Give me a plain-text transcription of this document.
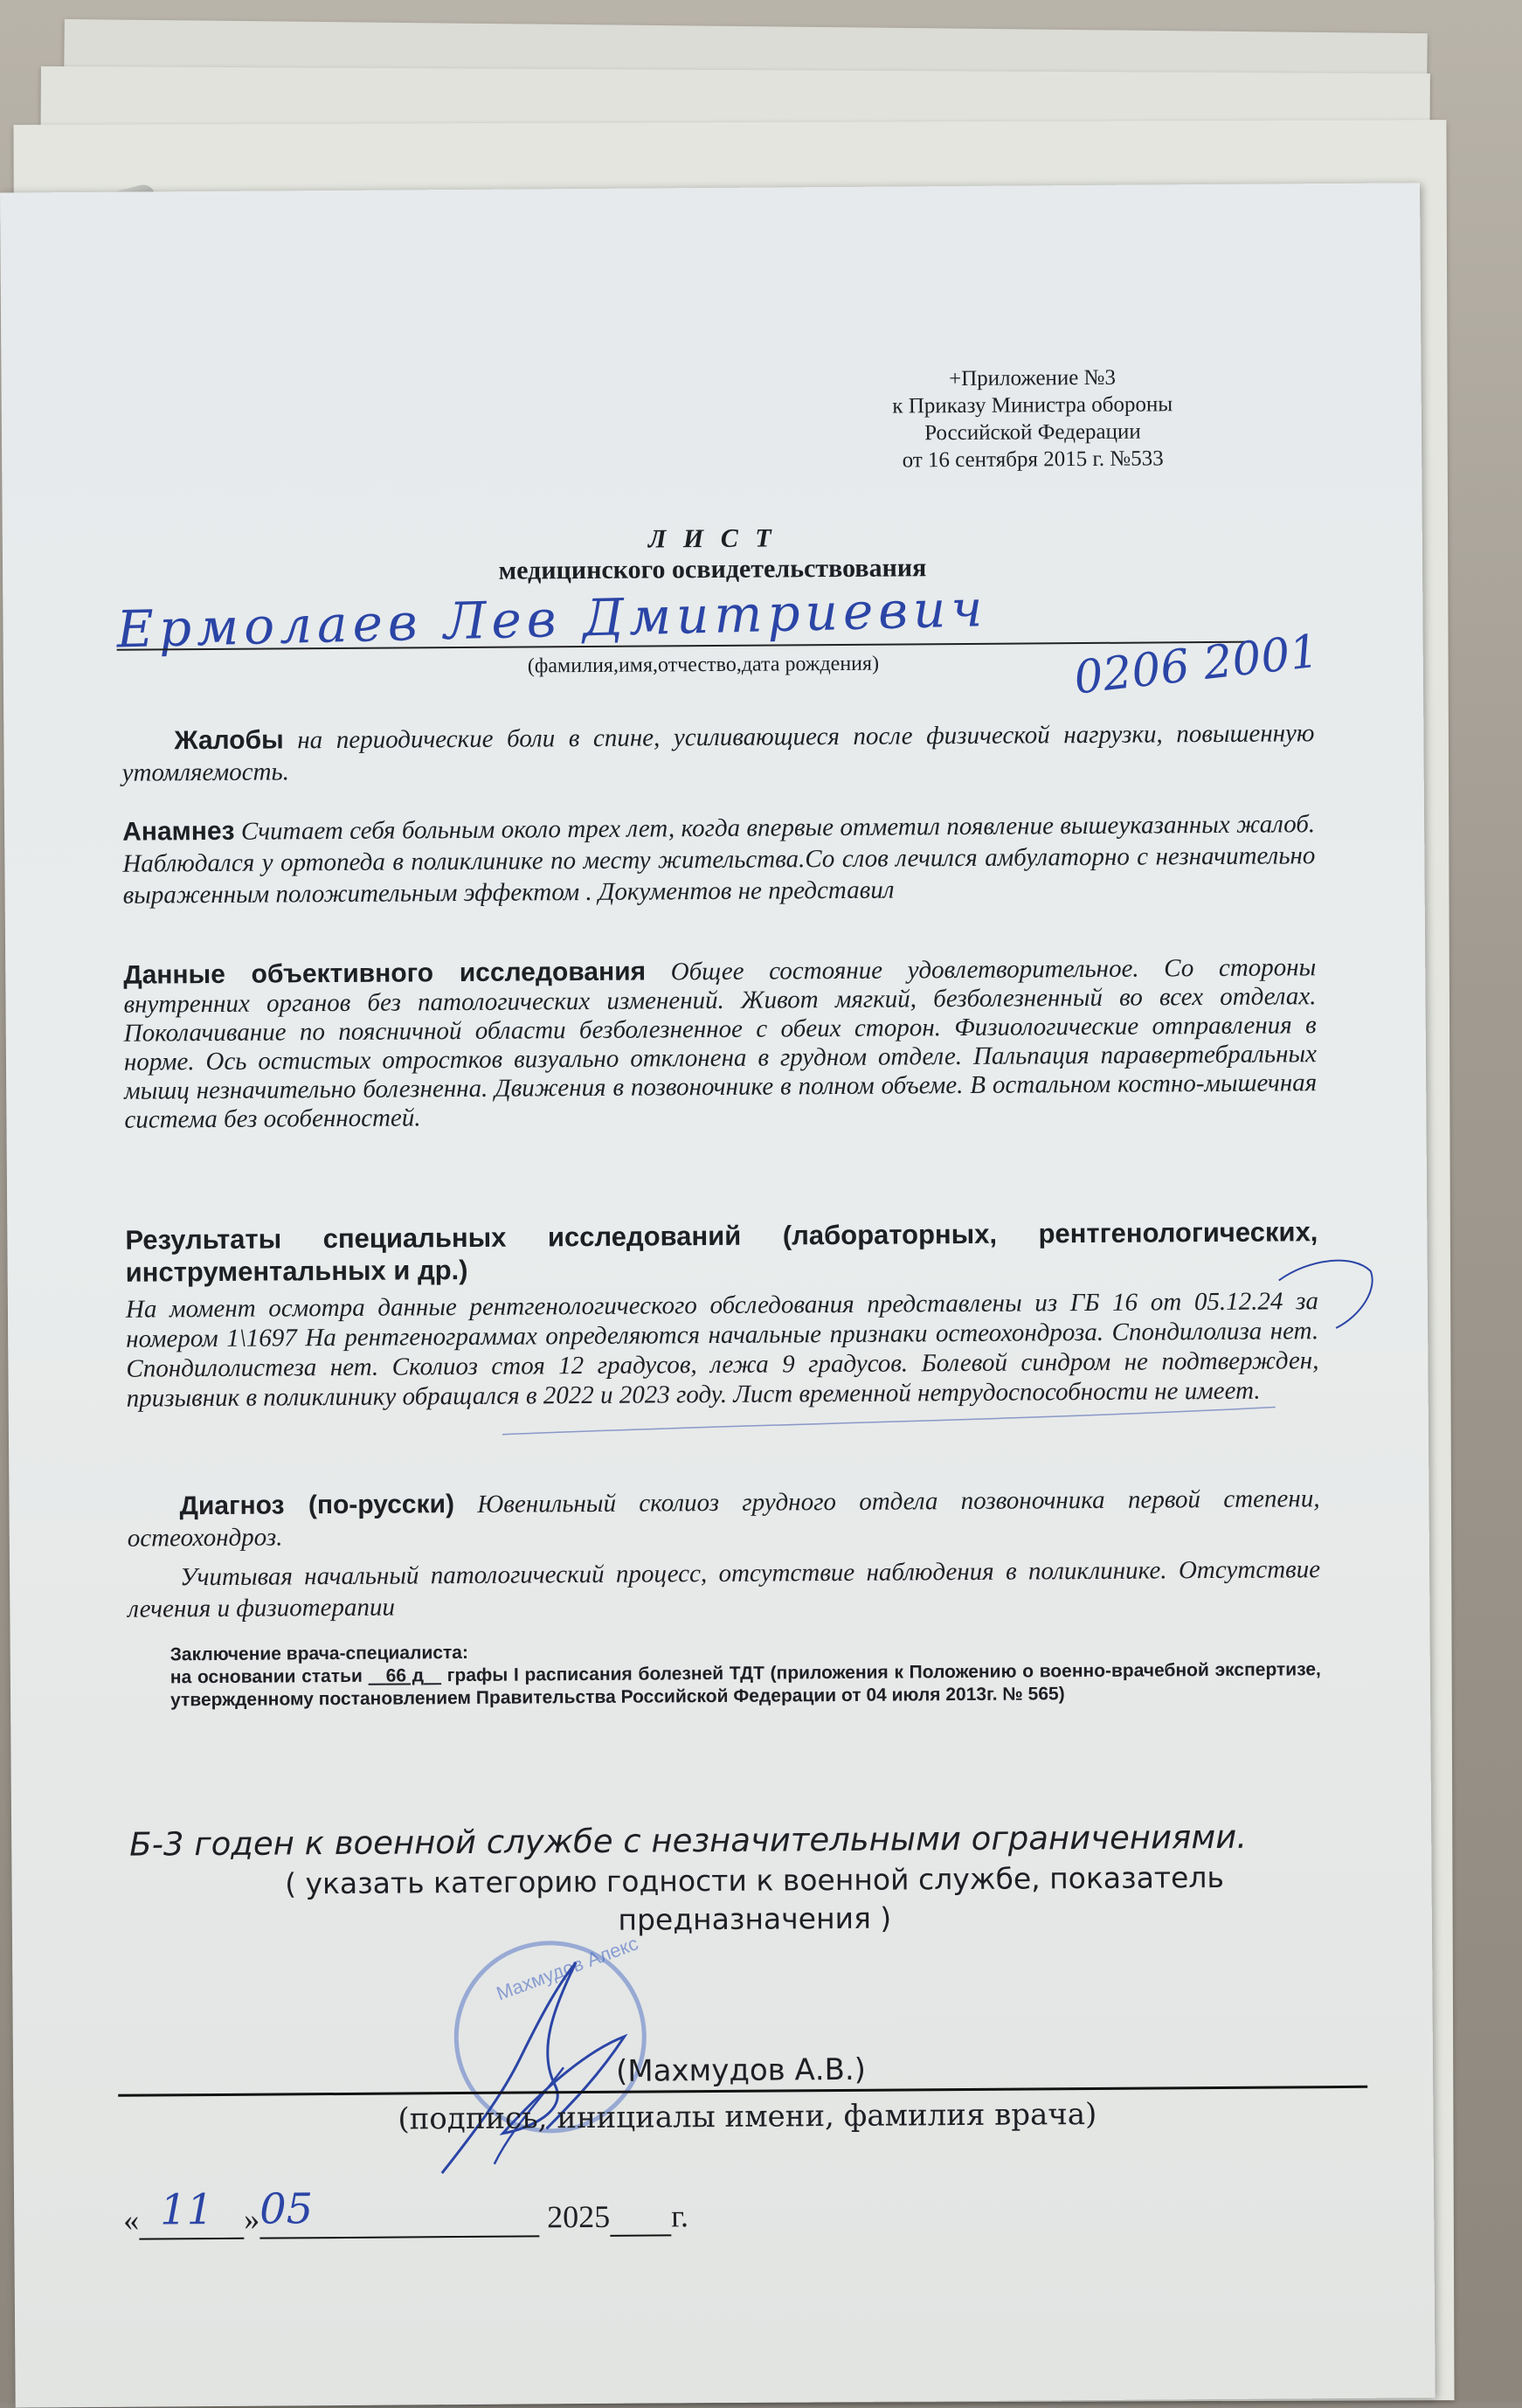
+Приложение №3
к Приказу Министра обороны
Российской Федерации
от 16 сентября 2015 г. №533
Л И С Т
медицинского освидетельствования
Ермолаев Лев Дмитриевич
0206 2001
(фамилия,имя,отчество,дата рождения)
Жалобы на периодические боли в спине, усиливающиеся после физической нагрузки, повышенную утомляемость.
Анамнез Считает себя больным около трех лет, когда впервые отметил появление вышеуказанных жалоб. Наблюдался у ортопеда в поликлинике по месту жительства.Со слов лечился амбулаторно с незначительно выраженным положительным эффектом . Документов не представил
Данные объективного исследования Общее состояние удовлетворительное. Со стороны внутренних органов без патологических изменений. Живот мягкий, безболезненный во всех отделах. Поколачивание по поясничной области безболезненное с обеих сторон. Физиологические отправления в норме. Ось остистых отростков визуально отклонена в грудном отделе. Пальпация паравертебральных мышц незначительно болезненна. Движения в позвоночнике в полном объеме. В остальном костно-мышечная система без особенностей.
Результаты специальных исследований (лабораторных, рентгенологических, инструментальных и др.)
На момент осмотра данные рентгенологического обследования представлены из ГБ 16 от 05.12.24 за номером 1\1697 На рентгенограммах определяются начальные признаки остеохондроза. Спондилолиза нет. Спондилолистеза нет. Сколиоз стоя 12 градусов, лежа 9 градусов. Болевой синдром не подтвержден, призывник в поликлинику обращался в 2022 и 2023 году. Лист временной нетрудоспособности не имеет.
Диагноз (по-русски) Ювенильный сколиоз грудного отдела позвоночника первой степени, остеохондроз.
Учитывая начальный патологический процесс, отсутствие наблюдения в поликлинике. Отсутствие лечения и физиотерапии
Заключение врача-специалиста:
на основании статьи 66 д графы I расписания болезней ТДТ (приложения к Положению о военно-врачебной экспертизе, утвержденному постановлением Правительства Российской Федерации от 04 июля 2013г. № 565)
Б-3 годен к военной службе с незначительными ограничениями.
( указать категорию годности к военной службе, показатель предназначения )
Махмудов Алекс
(Махмудов А.В.)
(подпись, инициалы имени, фамилия врача)
« 11 » 05	2025 г.
